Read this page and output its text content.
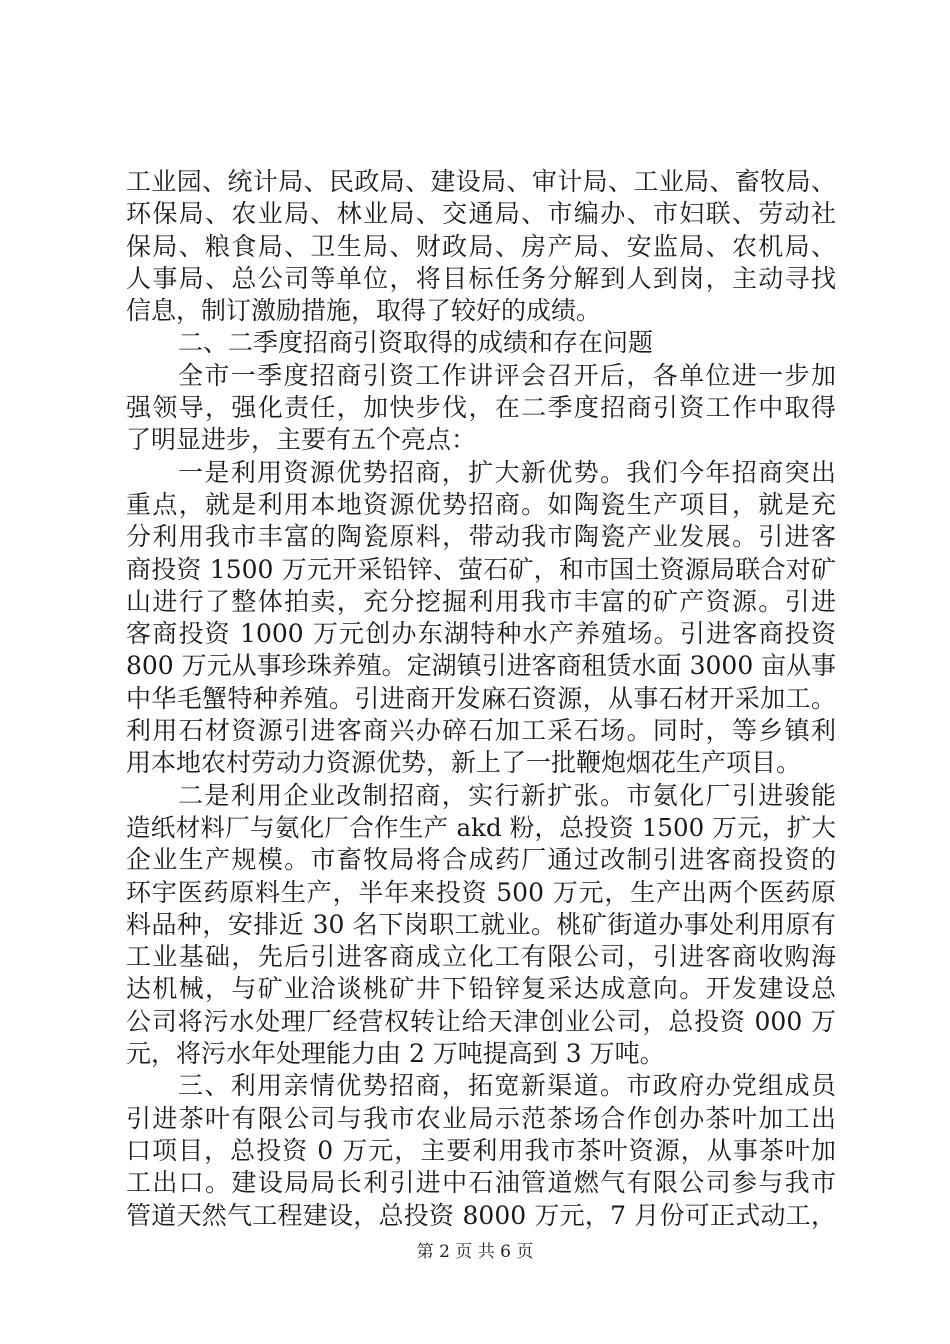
工业园、统计局、民政局、建设局、审计局、工业局、畜牧局、
环保局、农业局、林业局、交通局、市编办、市妇联、劳动社
保局、粮食局、卫生局、财政局、房产局、安监局、农机局、
人事局、总公司等单位，将目标任务分解到人到岗，主动寻找
信息，制订激励措施，取得了较好的成绩。
二、二季度招商引资取得的成绩和存在问题
全市一季度招商引资工作讲评会召开后，各单位进一步加
强领导，强化责任，加快步伐，在二季度招商引资工作中取得
了明显进步，主要有五个亮点：
一是利用资源优势招商，扩大新优势。我们今年招商突出
重点，就是利用本地资源优势招商。如陶瓷生产项目，就是充
分利用我市丰富的陶瓷原料，带动我市陶瓷产业发展。引进客
商投资 1500 万元开采铅锌、萤石矿，和市国土资源局联合对矿
山进行了整体拍卖，充分挖掘利用我市丰富的矿产资源。引进
客商投资 1000 万元创办东湖特种水产养殖场。引进客商投资
800 万元从事珍珠养殖。定湖镇引进客商租赁水面 3000 亩从事
中华毛蟹特种养殖。引进商开发麻石资源，从事石材开采加工。
利用石材资源引进客商兴办碎石加工采石场。同时，等乡镇利
用本地农村劳动力资源优势，新上了一批鞭炮烟花生产项目。
二是利用企业改制招商，实行新扩张。市氨化厂引进骏能
造纸材料厂与氨化厂合作生产 akd 粉，总投资 1500 万元，扩大
企业生产规模。市畜牧局将合成药厂通过改制引进客商投资的
环宇医药原料生产，半年来投资 500 万元，生产出两个医药原
料品种，安排近 30 名下岗职工就业。桃矿街道办事处利用原有
工业基础，先后引进客商成立化工有限公司，引进客商收购海
达机械，与矿业洽谈桃矿井下铅锌复采达成意向。开发建设总
公司将污水处理厂经营权转让给天津创业公司，总投资 000 万
元，将污水年处理能力由 2 万吨提高到 3 万吨。
三、利用亲情优势招商，拓宽新渠道。市政府办党组成员
引进茶叶有限公司与我市农业局示范茶场合作创办茶叶加工出
口项目，总投资 0 万元，主要利用我市茶叶资源，从事茶叶加
工出口。建设局局长利引进中石油管道燃气有限公司参与我市
管道天然气工程建设，总投资 8000 万元，7 月份可正式动工，
第 2 页 共 6 页
